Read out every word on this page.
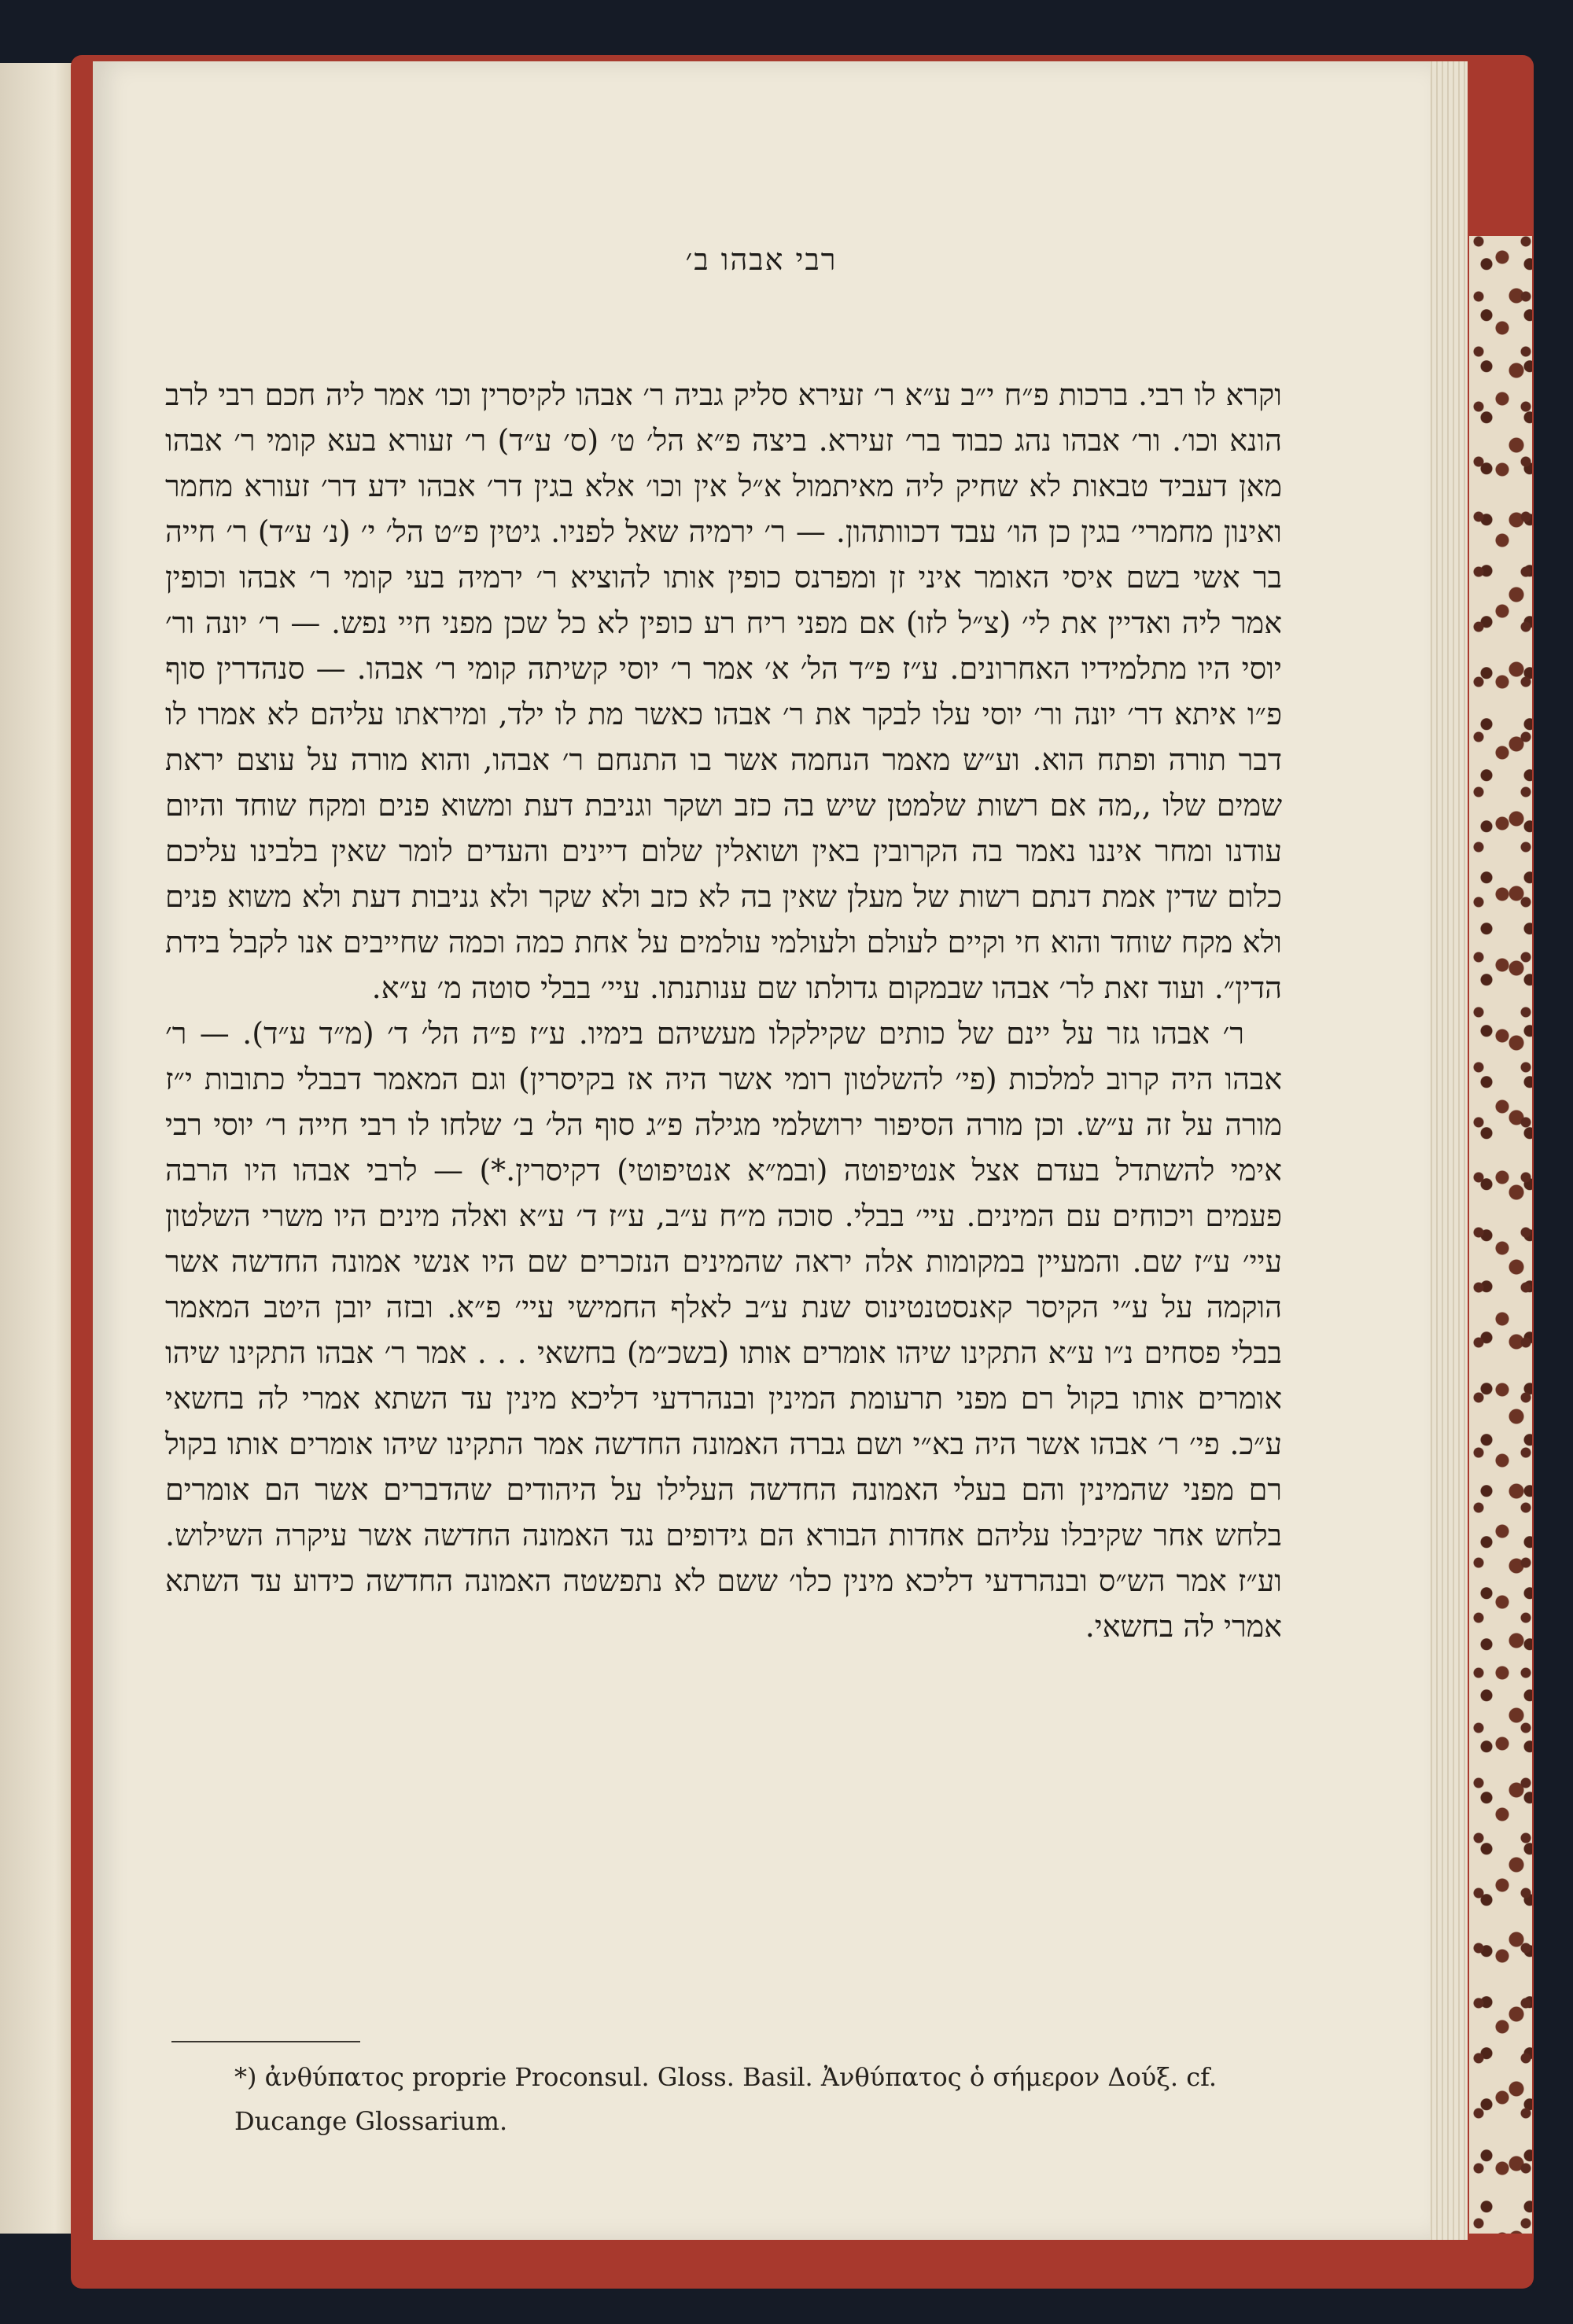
רבי אבהו ב׳

וקרא לו רבי. ברכות פ״ח י״ב ע״א ר׳ זעירא סליק גביה ר׳ אבהו לקיסרין וכו׳ אמר ליה חכם רבי לרב הונא וכו׳. ור׳ אבהו נהג כבוד בר׳ זעירא. ביצה פ״א הל׳ ט׳ (ס׳ ע״ד) ר׳ זעורא בעא קומי ר׳ אבהו מאן דעביד טבאות לא שחיק ליה מאיתמול א״ל אין וכו׳ אלא בגין דר׳ אבהו ידע דר׳ זעורא מחמר ואינון מחמרי׳ בגין כן הו׳ עבד דכוותהון. — ר׳ ירמיה שאל לפניו. גיטין פ״ט הל׳ י׳ (נ׳ ע״ד) ר׳ חייה בר אשי בשם איסי האומר איני זן ומפרנס כופין אותו להוציא ר׳ ירמיה בעי קומי ר׳ אבהו וכופין אמר ליה ואדיין את לי׳ (צ״ל לזו) אם מפני ריח רע כופין לא כל שכן מפני חיי נפש. — ר׳ יונה ור׳ יוסי היו מתלמידיו האחרונים. ע״ז פ״ד הל׳ א׳ אמר ר׳ יוסי קשיתה קומי ר׳ אבהו. — סנהדרין סוף פ״ו איתא דר׳ יונה ור׳ יוסי עלו לבקר את ר׳ אבהו כאשר מת לו ילד, ומיראתו עליהם לא אמרו לו דבר תורה ופתח הוא. וע״ש מאמר הנחמה אשר בו התנחם ר׳ אבהו, והוא מורה על עוצם יראת שמים שלו ,,מה אם רשות שלמטן שיש בה כזב ושקר וגניבת דעת ומשוא פנים ומקח שוחד והיום עודנו ומחר איננו נאמר בה הקרובין באין ושואלין שלום דיינים והעדים לומר שאין בלבינו עליכם כלום שדין אמת דנתם רשות של מעלן שאין בה לא כזב ולא שקר ולא גניבות דעת ולא משוא פנים ולא מקח שוחד והוא חי וקיים לעולם ולעולמי עולמים על אחת כמה וכמה שחייבים אנו לקבל בידת הדין״. ועוד זאת לר׳ אבהו שבמקום גדולתו שם ענותנתו. עיי׳ בבלי סוטה מ׳ ע״א.

ר׳ אבהו גזר על יינם של כותים שקילקלו מעשיהם בימיו. ע״ז פ״ה הל׳ ד׳ (מ״ד ע״ד). — ר׳ אבהו היה קרוב למלכות (פי׳ להשלטון רומי אשר היה אז בקיסרין) וגם המאמר דבבלי כתובות י״ז מורה על זה ע״ש. וכן מורה הסיפור ירושלמי מגילה פ״ג סוף הל׳ ב׳ שלחו לו רבי חייה ר׳ יוסי רבי אימי להשתדל בעדם אצל אנטיפוטה (ובמ״א אנטיפוטי) דקיסרין.*) — לרבי אבהו היו הרבה פעמים ויכוחים עם המינים. עיי׳ בבלי. סוכה מ״ח ע״ב, ע״ז ד׳ ע״א ואלה מינים היו משרי השלטון עיי׳ ע״ז שם. והמעיין במקומות אלה יראה שהמינים הנזכרים שם היו אנשי אמונה החדשה אשר הוקמה על ע״י הקיסר קאנסטנטינוס שנת ע״ב לאלף החמישי עיי׳ פ״א. ובזה יובן היטב המאמר בבלי פסחים נ״ו ע״א התקינו שיהו אומרים אותו (בשכ״מ) בחשאי . . . אמר ר׳ אבהו התקינו שיהו אומרים אותו בקול רם מפני תרעומת המינין ובנהרדעי דליכא מינין עד השתא אמרי לה בחשאי ע״כ. פי׳ ר׳ אבהו אשר היה בא״י ושם גברה האמונה החדשה אמר התקינו שיהו אומרים אותו בקול רם מפני שהמינין והם בעלי האמונה החדשה העלילו על היהודים שהדברים אשר הם אומרים בלחש אחר שקיבלו עליהם אחדות הבורא הם גידופים נגד האמונה החדשה אשר עיקרה השילוש. וע״ז אמר הש״ס ובנהרדעי דליכא מינין כלו׳ ששם לא נתפשטה האמונה החדשה כידוע עד השתא אמרי לה בחשאי.

*) ἀνθύπατος proprie Proconsul. Gloss. Basil. Ἀνθύπατος ὁ σήμερον Δούξ. cf. Ducange Glossarium.
